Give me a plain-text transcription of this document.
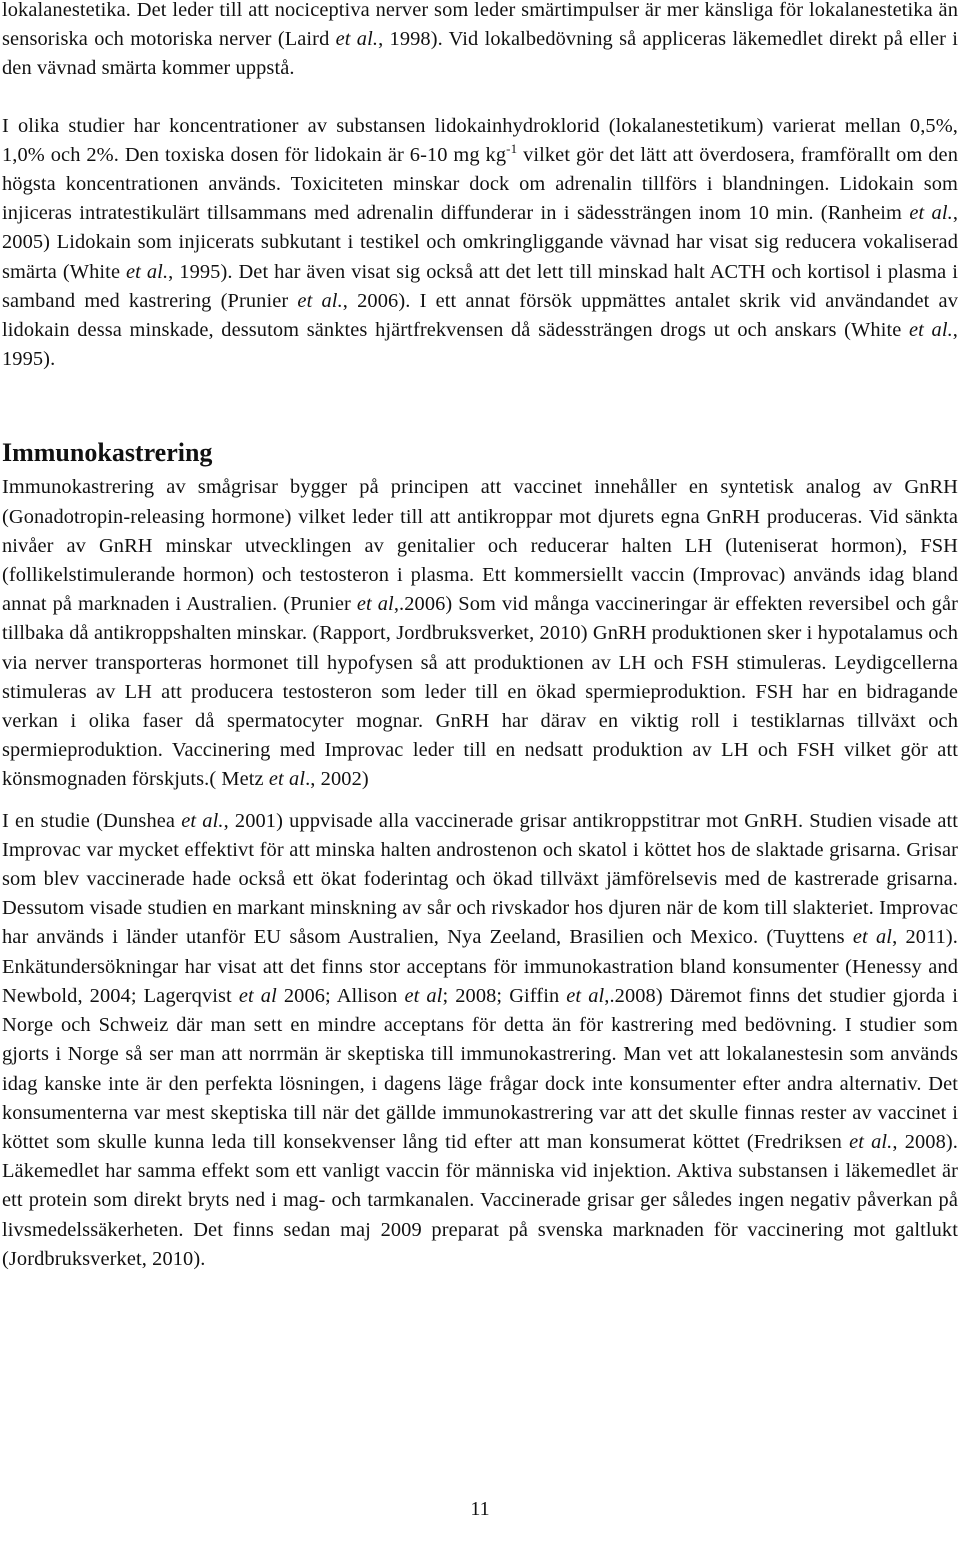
lokalanestetika. Det leder till att nociceptiva nerver som leder smärtimpulser är mer känsliga för lokalanestetika än sensoriska och motoriska nerver (Laird et al., 1998). Vid lokalbedövning så appliceras läkemedlet direkt på eller i den vävnad smärta kommer uppstå.

I olika studier har koncentrationer av substansen lidokainhydroklorid (lokalanestetikum) varierat mellan 0,5%, 1,0% och 2%. Den toxiska dosen för lidokain är 6-10 mg $kg^{-1}$ vilket gör det lätt att överdosera, framförallt om den högsta koncentrationen används. Toxiciteten minskar dock om adrenalin tillförs i blandningen. Lidokain som injiceras intratestikulärt tillsammans med adrenalin diffunderar in i sädessträngen inom 10 min. (Ranheim et al., 2005) Lidokain som injicerats subkutant i testikel och omkringliggande vävnad har visat sig reducera vokaliserad smärta (White et al., 1995). Det har även visat sig också att det lett till minskad halt ACTH och kortisol i plasma i samband med kastrering (Prunier et al., 2006). I ett annat försök uppmättes antalet skrik vid användandet av lidokain dessa minskade, dessutom sänktes hjärtfrekvensen då sädessträngen drogs ut och anskars (White et al., 1995).

Immunokastrering

Immunokastrering av smågrisar bygger på principen att vaccinet innehåller en syntetisk analog av GnRH (Gonadotropin-releasing hormone) vilket leder till att antikroppar mot djurets egna GnRH produceras. Vid sänkta nivåer av GnRH minskar utvecklingen av genitalier och reducerar halten LH (luteniserat hormon), FSH (follikelstimulerande hormon) och testosteron i plasma. Ett kommersiellt vaccin (Improvac) används idag bland annat på marknaden i Australien. (Prunier et al,.2006) Som vid många vaccineringar är effekten reversibel och går tillbaka då antikroppshalten minskar. (Rapport, Jordbruksverket, 2010) GnRH produktionen sker i hypotalamus och via nerver transporteras hormonet till hypofysen så att produktionen av LH och FSH stimuleras. Leydigcellerna stimuleras av LH att producera testosteron som leder till en ökad spermieproduktion. FSH har en bidragande verkan i olika faser då spermatocyter mognar. GnRH har därav en viktig roll i testiklarnas tillväxt och spermieproduktion. Vaccinering med Improvac leder till en nedsatt produktion av LH och FSH vilket gör att könsmognaden förskjuts.( Metz et al., 2002)

I en studie (Dunshea et al., 2001) uppvisade alla vaccinerade grisar antikroppstitrar mot GnRH. Studien visade att Improvac var mycket effektivt för att minska halten androstenon och skatol i köttet hos de slaktade grisarna. Grisar som blev vaccinerade hade också ett ökat foderintag och ökad tillväxt jämförelsevis med de kastrerade grisarna. Dessutom visade studien en markant minskning av sår och rivskador hos djuren när de kom till slakteriet. Improvac har används i länder utanför EU såsom Australien, Nya Zeeland, Brasilien och Mexico. (Tuyttens et al, 2011). Enkätundersökningar har visat att det finns stor acceptans för immunokastration bland konsumenter (Henessy and Newbold, 2004; Lagerqvist et al 2006; Allison et al; 2008; Giffin et al,.2008) Däremot finns det studier gjorda i Norge och Schweiz där man sett en mindre acceptans för detta än för kastrering med bedövning. I studier som gjorts i Norge så ser man att norrmän är skeptiska till immunokastrering. Man vet att lokalanestesin som används idag kanske inte är den perfekta lösningen, i dagens läge frågar dock inte konsumenter efter andra alternativ. Det konsumenterna var mest skeptiska till när det gällde immunokastrering var att det skulle finnas rester av vaccinet i köttet som skulle kunna leda till konsekvenser lång tid efter att man konsumerat köttet (Fredriksen et al., 2008). Läkemedlet har samma effekt som ett vanligt vaccin för människa vid injektion. Aktiva substansen i läkemedlet är ett protein som direkt bryts ned i mag- och tarmkanalen. Vaccinerade grisar ger således ingen negativ påverkan på livsmedelssäkerheten. Det finns sedan maj 2009 preparat på svenska marknaden för vaccinering mot galtlukt (Jordbruksverket, 2010).

11
